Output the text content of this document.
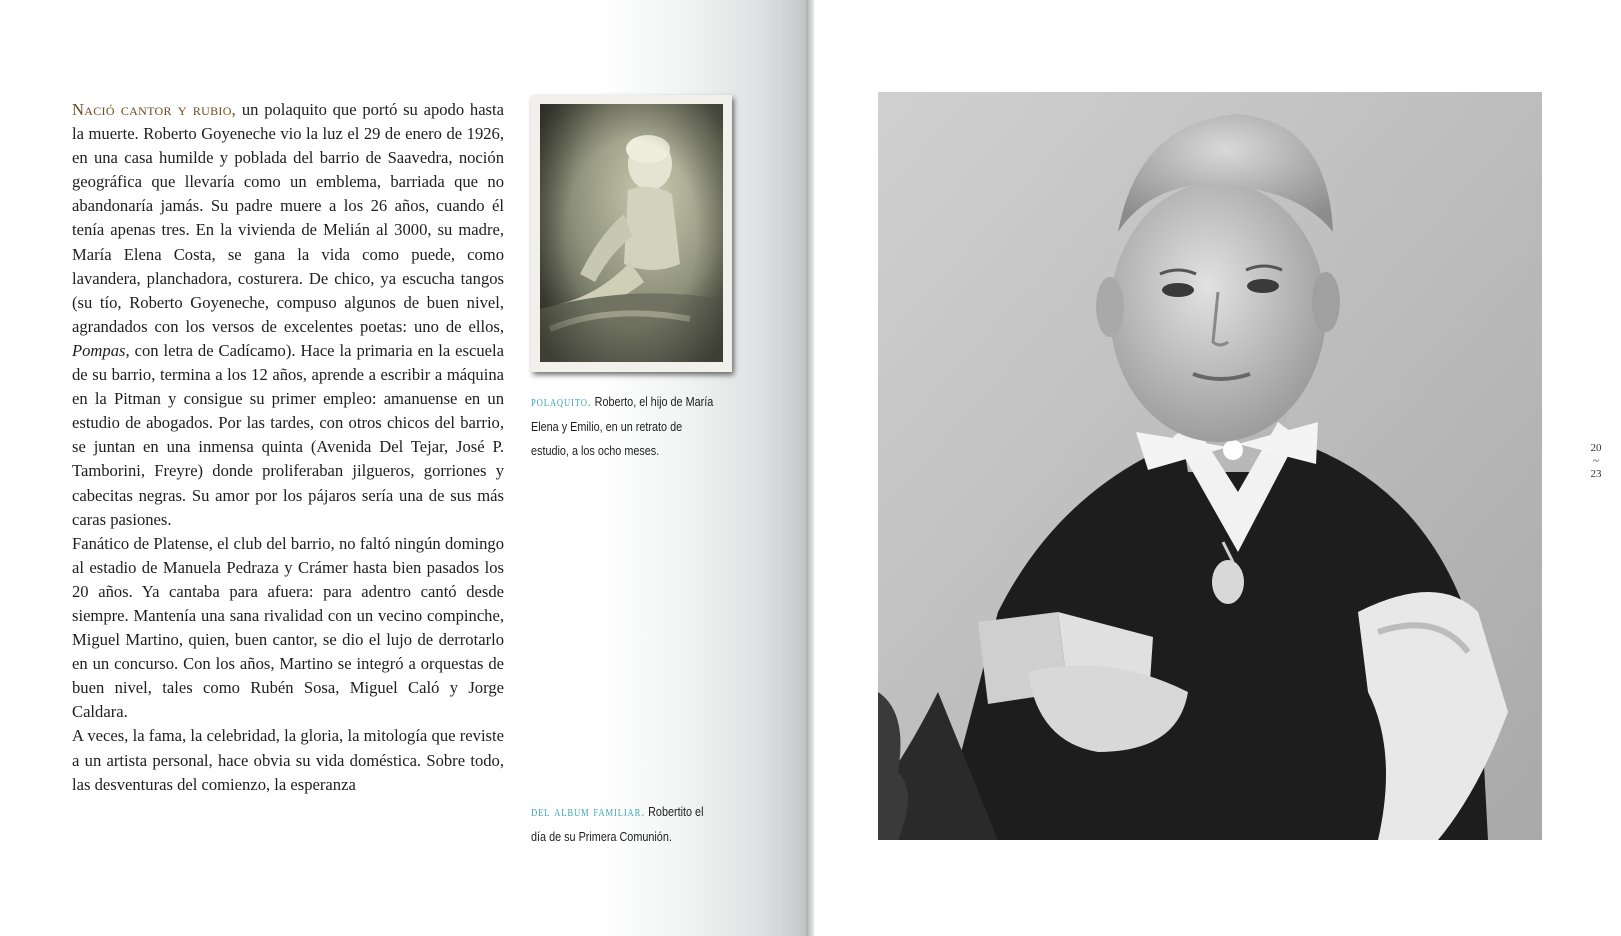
Nació cantor y rubio, un polaquito que portó su apodo hasta la muerte. Roberto Goyeneche vio la luz el 29 de enero de 1926, en una casa humilde y poblada del barrio de Saavedra, noción geográfica que llevaría como un emblema, barriada que no abandonaría jamás. Su padre muere a los 26 años, cuando él tenía apenas tres. En la vivienda de Melián al 3000, su madre, María Elena Costa, se gana la vida como puede, como lavandera, planchadora, costurera. De chico, ya escucha tangos (su tío, Roberto Goyeneche, compuso algunos de buen nivel, agrandados con los versos de excelentes poetas: uno de ellos, Pompas, con letra de Cadícamo). Hace la primaria en la escuela de su barrio, termina a los 12 años, aprende a escribir a máquina en la Pitman y consigue su primer empleo: amanuense en un estudio de abogados. Por las tardes, con otros chicos del barrio, se juntan en una inmensa quinta (Avenida Del Tejar, José P. Tamborini, Freyre) donde proliferaban jilgueros, gorriones y cabecitas negras. Su amor por los pájaros sería una de sus más caras pasiones.

Fanático de Platense, el club del barrio, no faltó ningún domingo al estadio de Manuela Pedraza y Crámer hasta bien pasados los 20 años. Ya cantaba para afuera: para adentro cantó desde siempre. Mantenía una sana rivalidad con un vecino compinche, Miguel Martino, quien, buen cantor, se dio el lujo de derrotarlo en un concurso. Con los años, Martino se integró a orquestas de buen nivel, tales como Rubén Sosa, Miguel Caló y Jorge Caldara.

A veces, la fama, la celebridad, la gloria, la mitología que reviste a un artista personal, hace obvia su vida doméstica. Sobre todo, las desventuras del comienzo, la esperanza

polaquito. Roberto, el hijo de María Elena y Emilio, en un retrato de estudio, a los ocho meses.
del album familiar. Robertito el día de su Primera Comunión.
20
~
23
